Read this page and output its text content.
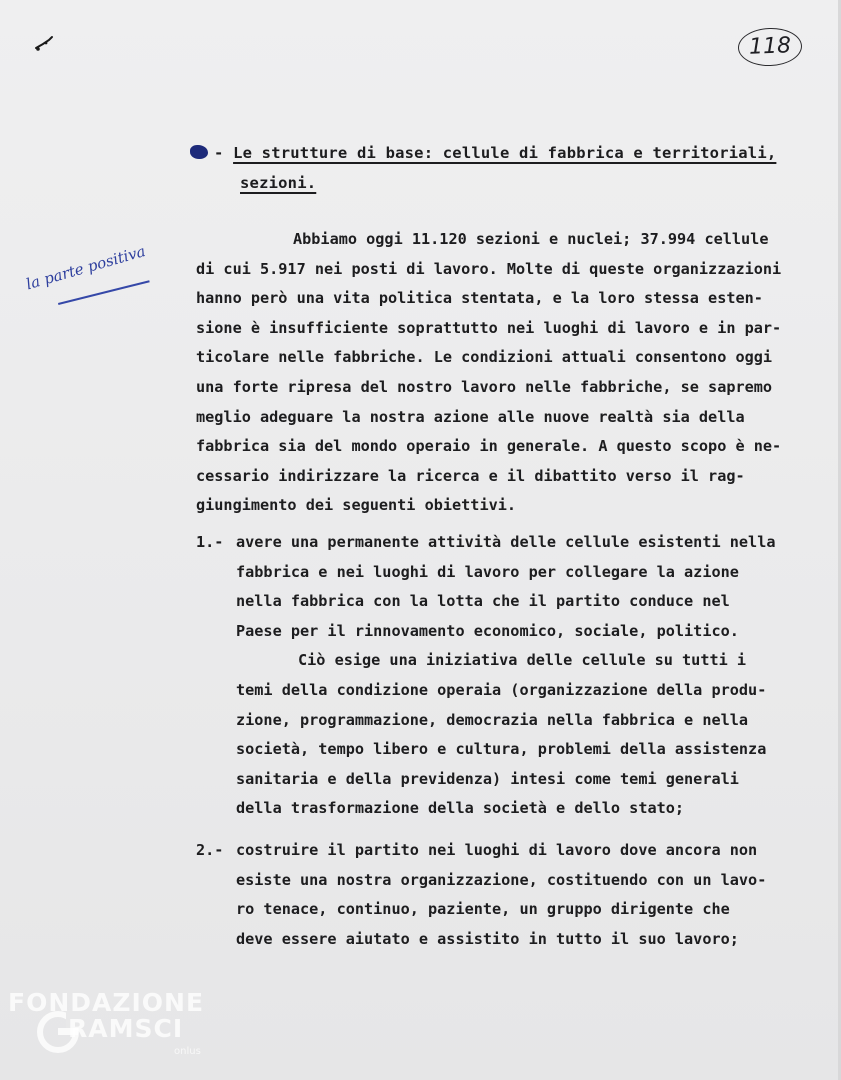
118
la parte positiva
- Le strutture di base: cellule di fabbrica e territoriali,
sezioni.
Abbiamo oggi 11.120 sezioni e nuclei; 37.994 cellule
di cui 5.917 nei posti di lavoro. Molte di queste organizzazioni
hanno però una vita politica stentata, e la loro stessa esten-
sione è insufficiente soprattutto nei luoghi di lavoro e in par-
ticolare nelle fabbriche. Le condizioni attuali consentono oggi
una forte ripresa del nostro lavoro nelle fabbriche, se sapremo
meglio adeguare la nostra azione alle nuove realtà sia della
fabbrica sia del mondo operaio in generale. A questo scopo è ne-
cessario indirizzare la ricerca e il dibattito verso il rag-
giungimento dei seguenti obiettivi.
1.- avere una permanente attività delle cellule esistenti nella
fabbrica e nei luoghi di lavoro per collegare la azione
nella fabbrica con la lotta che il partito conduce nel
Paese per il rinnovamento economico, sociale, politico.
Ciò esige una iniziativa delle cellule su tutti i
temi della condizione operaia (organizzazione della produ-
zione, programmazione, democrazia nella fabbrica e nella
società, tempo libero e cultura, problemi della assistenza
sanitaria e della previdenza) intesi come temi generali
della trasformazione della società e dello stato;
2.- costruire il partito nei luoghi di lavoro dove ancora non
esiste una nostra organizzazione, costituendo con un lavo-
ro tenace, continuo, paziente, un gruppo dirigente che
deve essere aiutato e assistito in tutto il suo lavoro;
FONDAZIONE
RAMSCI
onlus
